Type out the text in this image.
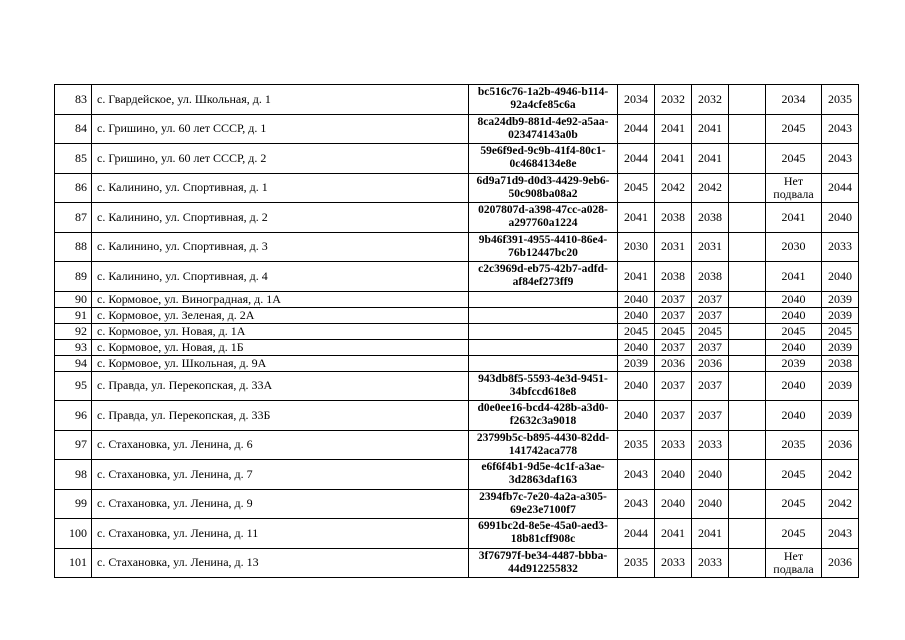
83	с. Гвардейское, ул. Школьная, д. 1	bc516c76-1a2b-4946-b114-92a4cfe85c6a	2034	2032	2032		2034	2035
84	с. Гришино, ул. 60 лет СССР, д. 1	8ca24db9-881d-4e92-a5aa-023474143a0b	2044	2041	2041		2045	2043
85	с. Гришино, ул. 60 лет СССР, д. 2	59e6f9ed-9c9b-41f4-80c1-0c4684134e8e	2044	2041	2041		2045	2043
86	с. Калинино, ул. Спортивная, д. 1	6d9a71d9-d0d3-4429-9eb6-50c908ba08a2	2045	2042	2042		Нет подвала	2044
87	с. Калинино, ул. Спортивная, д. 2	0207807d-a398-47cc-a028-a297760a1224	2041	2038	2038		2041	2040
88	с. Калинино, ул. Спортивная, д. 3	9b46f391-4955-4410-86e4-76b12447bc20	2030	2031	2031		2030	2033
89	с. Калинино, ул. Спортивная, д. 4	c2c3969d-eb75-42b7-adfd-af84ef273ff9	2041	2038	2038		2041	2040
90	с. Кормовое, ул. Виноградная, д. 1А		2040	2037	2037		2040	2039
91	с. Кормовое, ул. Зеленая, д. 2А		2040	2037	2037		2040	2039
92	с. Кормовое, ул. Новая, д. 1А		2045	2045	2045		2045	2045
93	с. Кормовое, ул. Новая, д. 1Б		2040	2037	2037		2040	2039
94	с. Кормовое, ул. Школьная, д. 9А		2039	2036	2036		2039	2038
95	с. Правда, ул. Перекопская, д. 33А	943db8f5-5593-4e3d-9451-34bfccd618e8	2040	2037	2037		2040	2039
96	с. Правда, ул. Перекопская, д. 33Б	d0e0ee16-bcd4-428b-a3d0-f2632c3a9018	2040	2037	2037		2040	2039
97	с. Стахановка, ул. Ленина, д. 6	23799b5c-b895-4430-82dd-141742aca778	2035	2033	2033		2035	2036
98	с. Стахановка, ул. Ленина, д. 7	e6f6f4b1-9d5e-4c1f-a3ae-3d2863daf163	2043	2040	2040		2045	2042
99	с. Стахановка, ул. Ленина, д. 9	2394fb7c-7e20-4a2a-a305-69e23e7100f7	2043	2040	2040		2045	2042
100	с. Стахановка, ул. Ленина, д. 11	6991bc2d-8e5e-45a0-aed3-18b81cff908c	2044	2041	2041		2045	2043
101	с. Стахановка, ул. Ленина, д. 13	3f76797f-be34-4487-bbba-44d912255832	2035	2033	2033		Нет подвала	2036
